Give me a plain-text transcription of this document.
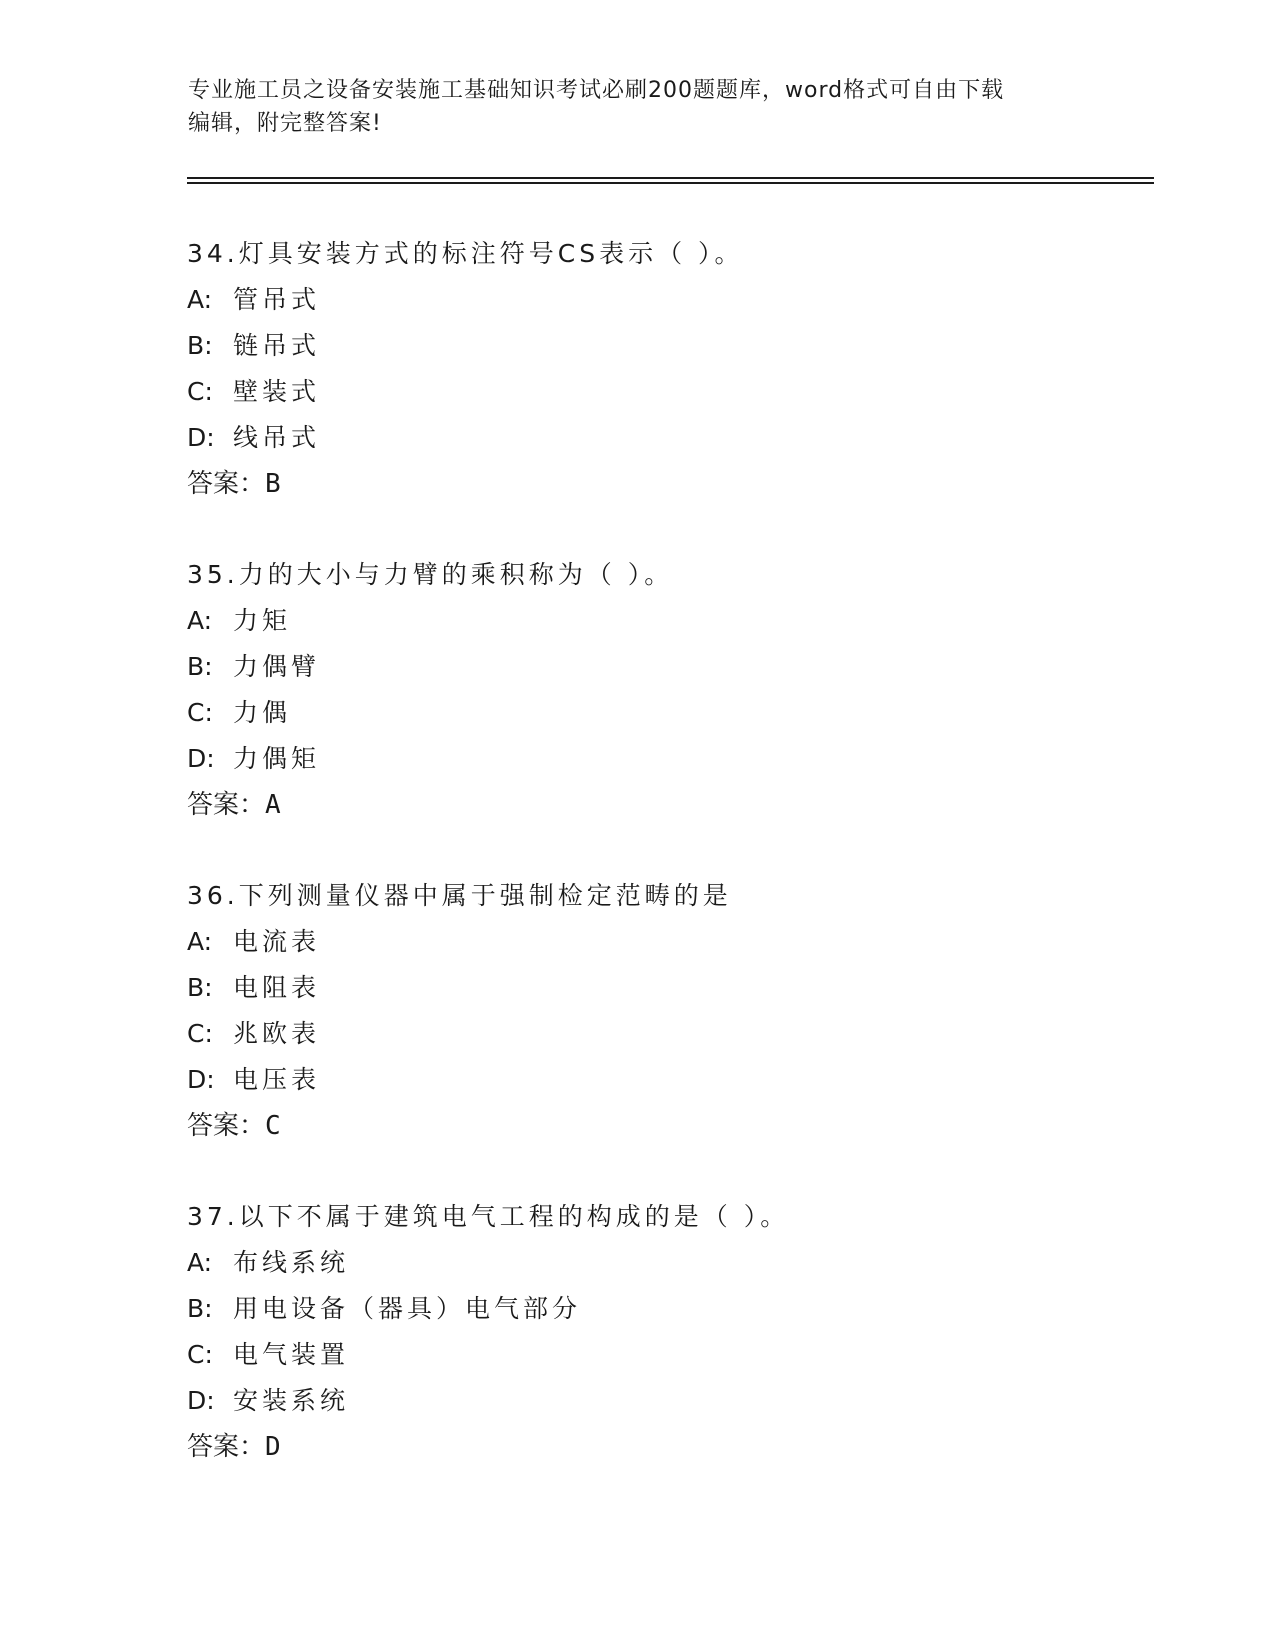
专业施工员之设备安装施工基础知识考试必刷200题题库，word格式可自由下载
编辑，附完整答案!
34.灯具安装方式的标注符号CS表示（ ）。
A: 管吊式
B: 链吊式
C: 壁装式
D: 线吊式
答案：B
35.力的大小与力臂的乘积称为（ ）。
A: 力矩
B: 力偶臂
C: 力偶
D: 力偶矩
答案：A
36.下列测量仪器中属于强制检定范畴的是
A: 电流表
B: 电阻表
C: 兆欧表
D: 电压表
答案：C
37.以下不属于建筑电气工程的构成的是（ ）。
A: 布线系统
B: 用电设备（器具）电气部分
C: 电气装置
D: 安装系统
答案：D
